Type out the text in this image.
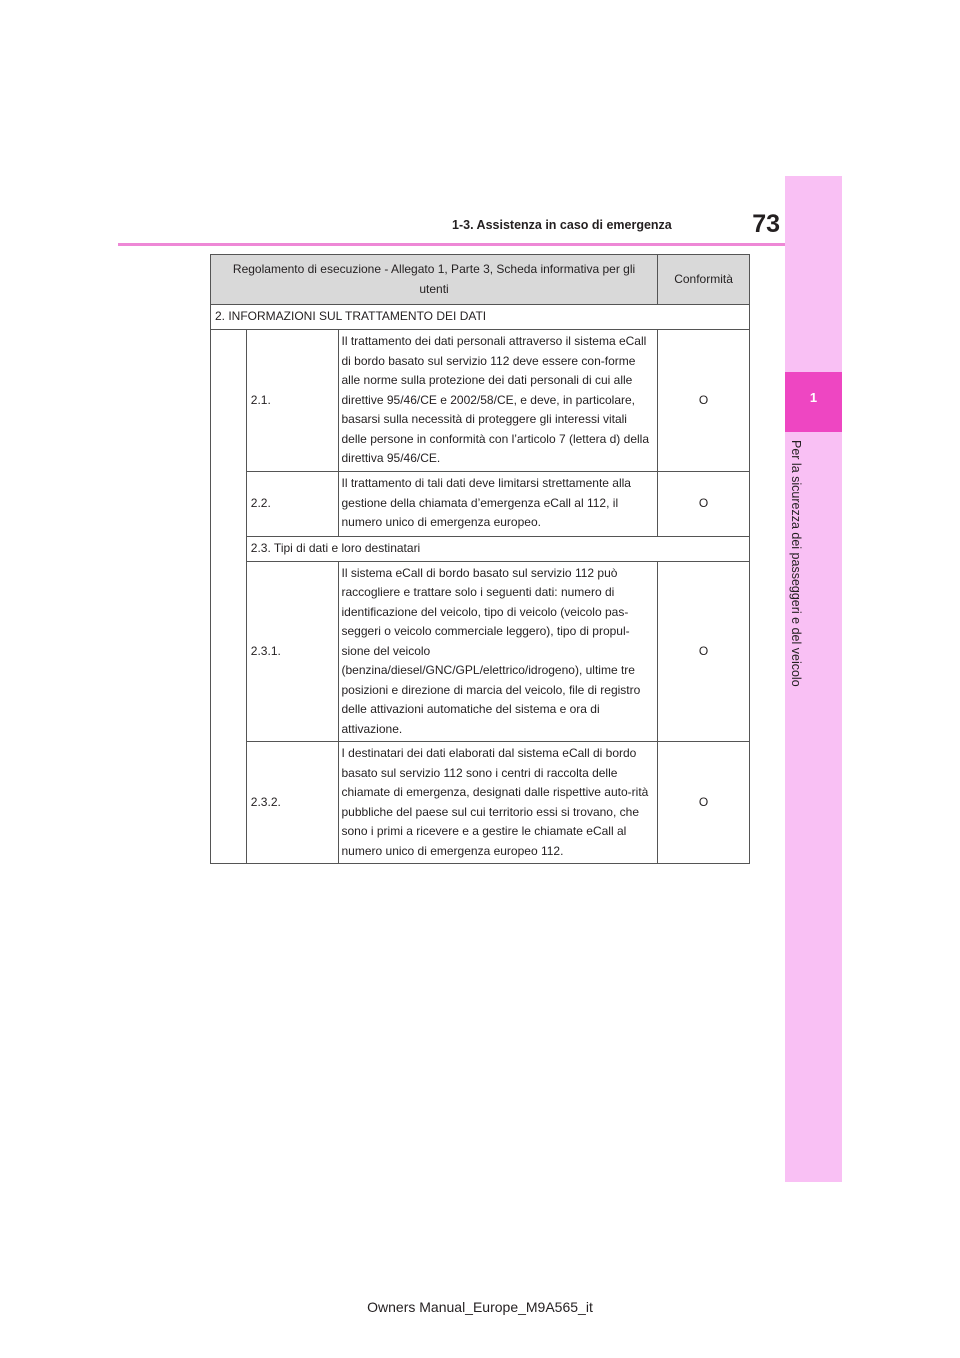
1
Per la sicurezza dei passeggeri e del veicolo
1-3. Assistenza in caso di emergenza	73
Regolamento di esecuzione - Allegato 1, Parte 3, Scheda informativa per gli utenti			Conformità
2. INFORMAZIONI SUL TRATTAMENTO DEI DATI			
	2.1.	Il trattamento dei dati personali attraverso il sistema eCall di bordo basato sul servizio 112 deve essere con-forme alle norme sulla protezione dei dati personali di cui alle direttive 95/46/CE e 2002/58/CE, e deve, in particolare, basarsi sulla necessità di proteggere gli interessi vitali delle persone in conformità con l’articolo 7 (lettera d) della direttiva 95/46/CE.	O
	2.2.	Il trattamento di tali dati deve limitarsi strettamente alla gestione della chiamata d’emergenza eCall al 112, il numero unico di emergenza europeo.	O
	2.3. Tipi di dati e loro destinatari		
	2.3.1.	Il sistema eCall di bordo basato sul servizio 112 può raccogliere e trattare solo i seguenti dati: numero di identificazione del veicolo, tipo di veicolo (veicolo pas-seggeri o veicolo commerciale leggero), tipo di propul-sione del veicolo (benzina/diesel/GNC/GPL/elettrico/idrogeno), ultime tre posizioni e direzione di marcia del veicolo, file di registro delle attivazioni automatiche del sistema e ora di attivazione.	O
	2.3.2.	I destinatari dei dati elaborati dal sistema eCall di bordo basato sul servizio 112 sono i centri di raccolta delle chiamate di emergenza, designati dalle rispettive auto-rità pubbliche del paese sul cui territorio essi si trovano, che sono i primi a ricevere e a gestire le chiamate eCall al numero unico di emergenza europeo 112.	O
Owners Manual_Europe_M9A565_it
